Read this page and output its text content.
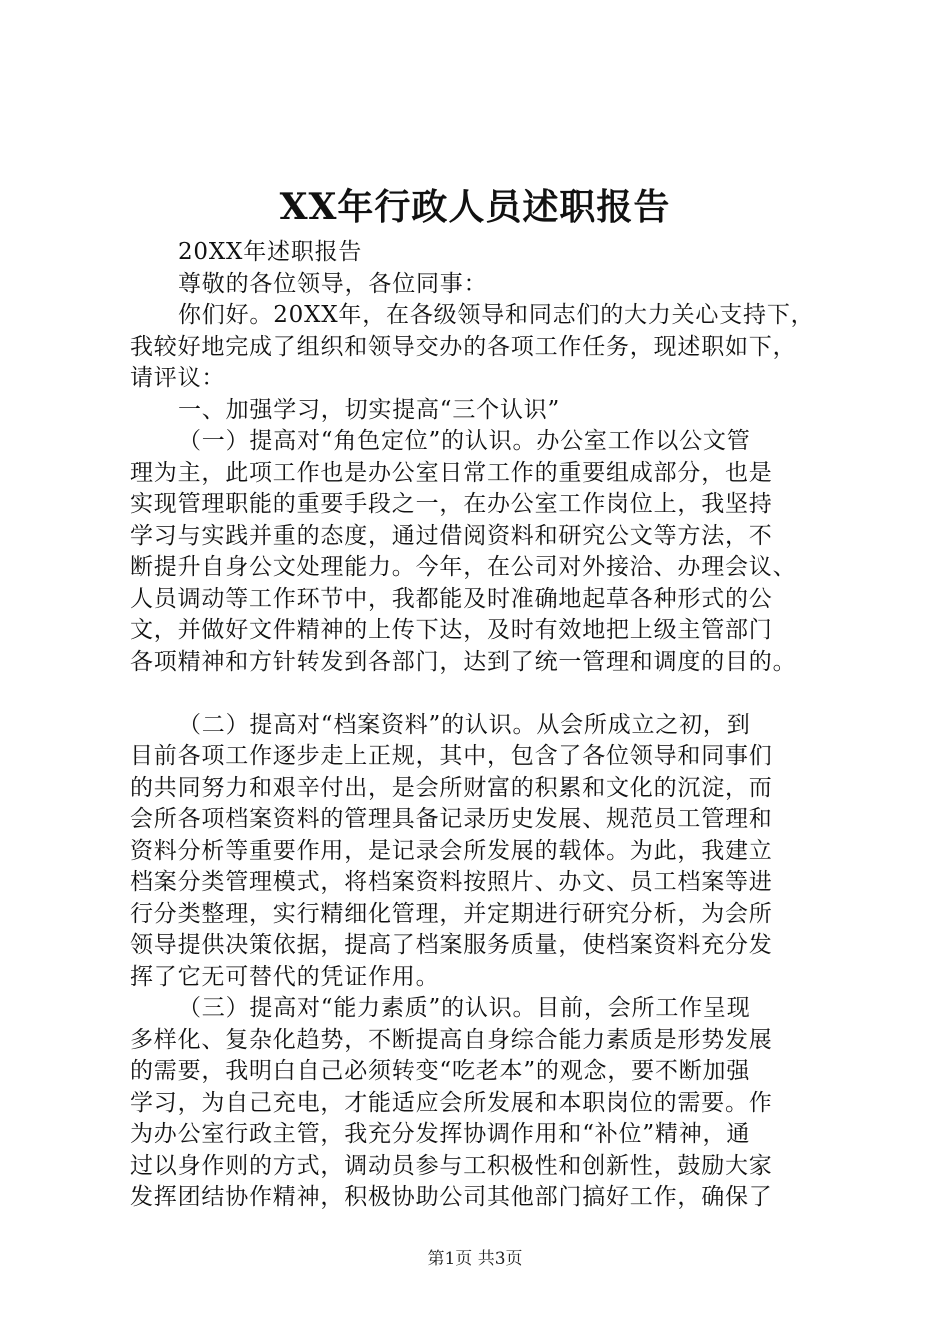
XX年行政人员述职报告
20XX年述职报告
尊敬的各位领导，各位同事：
你们好。20XX年，在各级领导和同志们的大力关心支持下，
我较好地完成了组织和领导交办的各项工作任务，现述职如下，
请评议：
一、加强学习，切实提高“三个认识”
（一）提高对“角色定位”的认识。办公室工作以公文管
理为主，此项工作也是办公室日常工作的重要组成部分，也是
实现管理职能的重要手段之一，在办公室工作岗位上，我坚持
学习与实践并重的态度，通过借阅资料和研究公文等方法，不
断提升自身公文处理能力。今年，在公司对外接洽、办理会议、
人员调动等工作环节中，我都能及时准确地起草各种形式的公
文，并做好文件精神的上传下达，及时有效地把上级主管部门
各项精神和方针转发到各部门，达到了统一管理和调度的目的。
（二）提高对“档案资料”的认识。从会所成立之初，到
目前各项工作逐步走上正规，其中，包含了各位领导和同事们
的共同努力和艰辛付出，是会所财富的积累和文化的沉淀，而
会所各项档案资料的管理具备记录历史发展、规范员工管理和
资料分析等重要作用，是记录会所发展的载体。为此，我建立
档案分类管理模式，将档案资料按照片、办文、员工档案等进
行分类整理，实行精细化管理，并定期进行研究分析，为会所
领导提供决策依据，提高了档案服务质量，使档案资料充分发
挥了它无可替代的凭证作用。
（三）提高对“能力素质”的认识。目前，会所工作呈现
多样化、复杂化趋势，不断提高自身综合能力素质是形势发展
的需要，我明白自己必须转变“吃老本”的观念，要不断加强
学习，为自己充电，才能适应会所发展和本职岗位的需要。作
为办公室行政主管，我充分发挥协调作用和“补位”精神，通
过以身作则的方式，调动员参与工积极性和创新性，鼓励大家
发挥团结协作精神，积极协助公司其他部门搞好工作，确保了
第1页 共3页
